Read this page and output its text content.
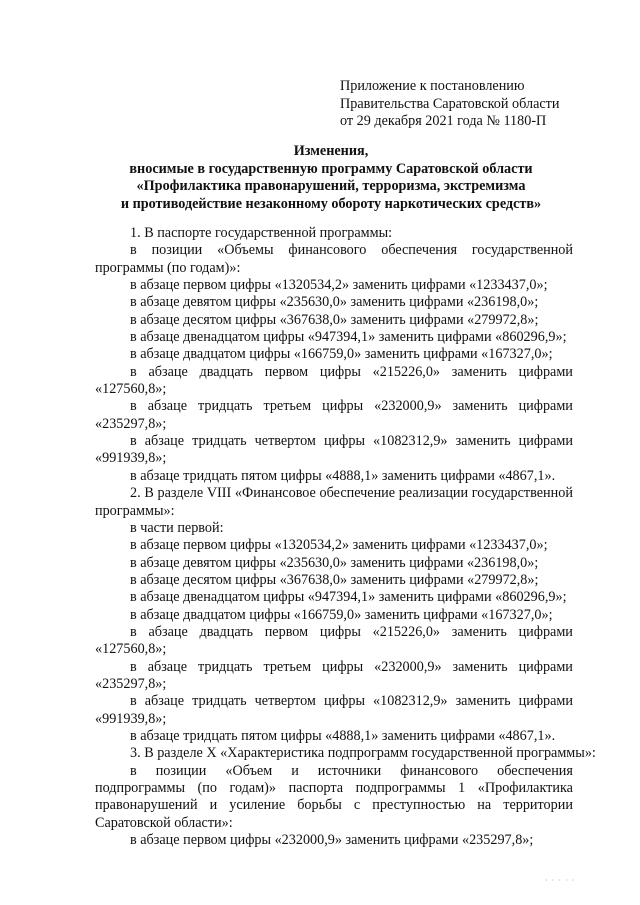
Приложение к постановлению
Правительства Саратовской области
от 29 декабря 2021 года № 1180-П
Изменения,
вносимые в государственную программу Саратовской области
«Профилактика правонарушений, терроризма, экстремизма
и противодействие незаконному обороту наркотических средств»
1. В паспорте государственной программы:
в позиции «Объемы финансового обеспечения государственной
программы (по годам)»:
в абзаце первом цифры «1320534,2» заменить цифрами «1233437,0»;
в абзаце девятом цифры «235630,0» заменить цифрами «236198,0»;
в абзаце десятом цифры «367638,0» заменить цифрами «279972,8»;
в абзаце двенадцатом цифры «947394,1» заменить цифрами «860296,9»;
в абзаце двадцатом цифры «166759,0» заменить цифрами «167327,0»;
в абзаце двадцать первом цифры «215226,0» заменить цифрами
«127560,8»;
в абзаце тридцать третьем цифры «232000,9» заменить цифрами
«235297,8»;
в абзаце тридцать четвертом цифры «1082312,9» заменить цифрами
«991939,8»;
в абзаце тридцать пятом цифры «4888,1» заменить цифрами «4867,1».
2. В разделе VIII «Финансовое обеспечение реализации государственной
программы»:
в части первой:
в абзаце первом цифры «1320534,2» заменить цифрами «1233437,0»;
в абзаце девятом цифры «235630,0» заменить цифрами «236198,0»;
в абзаце десятом цифры «367638,0» заменить цифрами «279972,8»;
в абзаце двенадцатом цифры «947394,1» заменить цифрами «860296,9»;
в абзаце двадцатом цифры «166759,0» заменить цифрами «167327,0»;
в абзаце двадцать первом цифры «215226,0» заменить цифрами
«127560,8»;
в абзаце тридцать третьем цифры «232000,9» заменить цифрами
«235297,8»;
в абзаце тридцать четвертом цифры «1082312,9» заменить цифрами
«991939,8»;
в абзаце тридцать пятом цифры «4888,1» заменить цифрами «4867,1».
3. В разделе X «Характеристика подпрограмм государственной программы»:
в позиции «Объем и источники финансового обеспечения
подпрограммы (по годам)» паспорта подпрограммы 1 «Профилактика
правонарушений и усиление борьбы с преступностью на территории
Саратовской области»:
в абзаце первом цифры «232000,9» заменить цифрами «235297,8»;
· · · · ·
